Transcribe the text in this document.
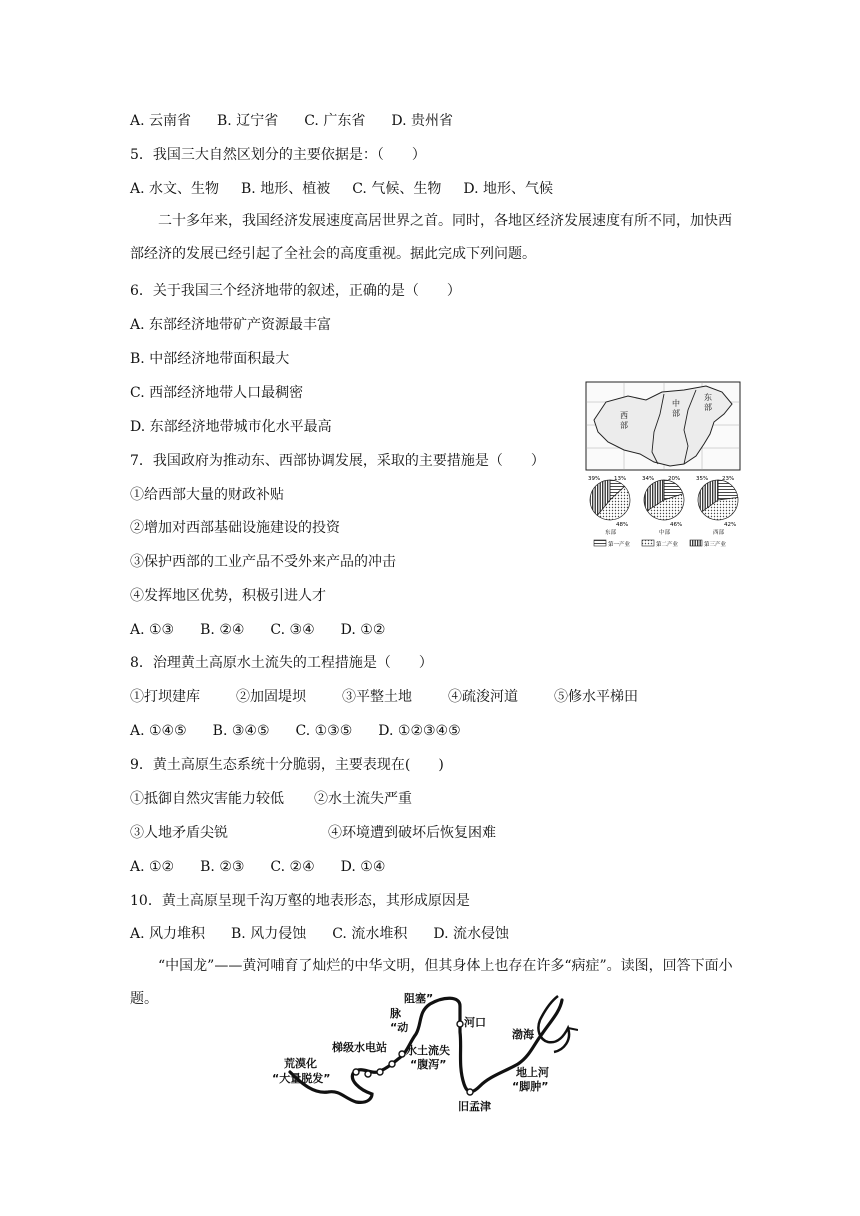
A. 云南省 B. 辽宁省 C. 广东省 D. 贵州省
5．我国三大自然区划分的主要依据是：（　　）
A. 水文、生物 B. 地形、植被 C. 气候、生物 D. 地形、气候
二十多年来，我国经济发展速度高居世界之首。同时，各地区经济发展速度有所不同，加快西部经济的发展已经引起了全社会的高度重视。据此完成下列问题。
6．关于我国三个经济地带的叙述，正确的是（　　）
A. 东部经济地带矿产资源最丰富
B. 中部经济地带面积最大
C. 西部经济地带人口最稠密
D. 东部经济地带城市化水平最高
7．我国政府为推动东、西部协调发展，采取的主要措施是（　　）
①给西部大量的财政补贴
②增加对西部基础设施建设的投资
③保护西部的工业产品不受外来产品的冲击
④发挥地区优势，积极引进人才
A. ①③ B. ②④ C. ③④ D. ①②
8．治理黄土高原水土流失的工程措施是（　　）
①打坝建库	②加固堤坝	③平整土地	④疏浚河道	⑤修水平梯田
A. ①④⑤ B. ③④⑤ C. ①③⑤ D. ①②③④⑤
9．黄土高原生态系统十分脆弱，主要表现在(　　)
①抵御自然灾害能力较低 ②水土流失严重
③人地矛盾尖锐	④环境遭到破坏后恢复困难
A. ①② B. ②③ C. ②④ D. ①④
10．黄土高原呈现千沟万壑的地表形态，其形成原因是
A. 风力堆积 B. 风力侵蚀 C. 流水堆积 D. 流水侵蚀
“中国龙”——黄河哺育了灿烂的中华文明，但其身体上也存在许多“病症”。读图，回答下面小题。
西
部
中
部
东
部
39%	13%
48%
东部
34%	20%
46%
中部
35%	23%
42%
西部
第一产业	第二产业	第三产业
阻塞”
脉
“动	河口
渤海
梯级水电站 水土流失
“腹泻”
荒漠化
“大量脱发”	地上河
“脚肿”
旧孟津
